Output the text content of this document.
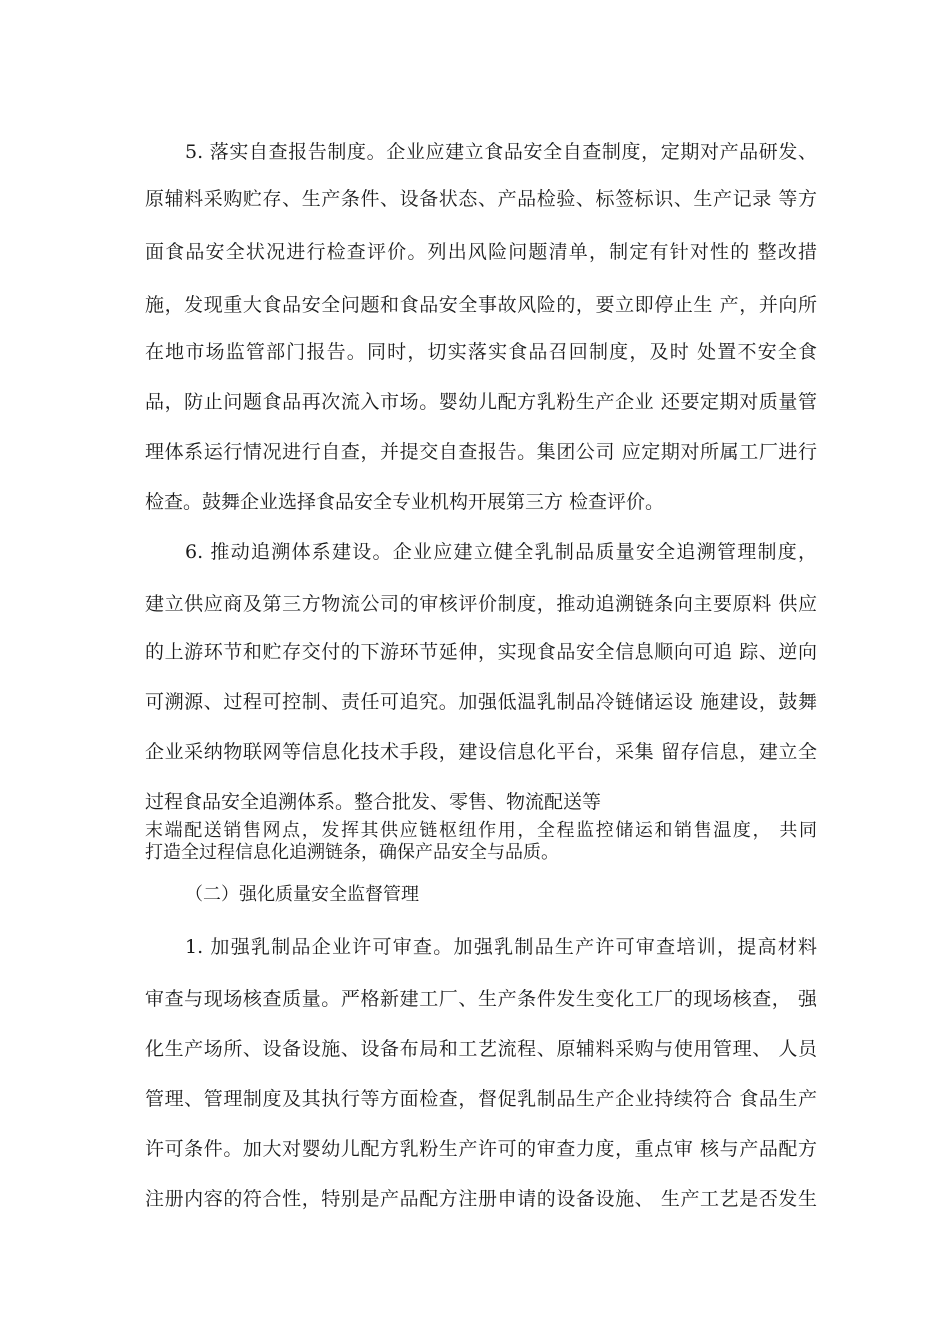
5. 落实自查报告制度。企业应建立食品安全自查制度，定期对产品研发、
原辅料采购贮存、生产条件、设备状态、产品检验、标签标识、生产记录 等方
面食品安全状况进行检查评价。列出风险问题清单，制定有针对性的 整改措
施，发现重大食品安全问题和食品安全事故风险的，要立即停止生 产，并向所
在地市场监管部门报告。同时，切实落实食品召回制度，及时 处置不安全食
品，防止问题食品再次流入市场。婴幼儿配方乳粉生产企业 还要定期对质量管
理体系运行情况进行自查，并提交自查报告。集团公司 应定期对所属工厂进行
检查。鼓舞企业选择食品安全专业机构开展第三方 检查评价。
6. 推动追溯体系建设。企业应建立健全乳制品质量安全追溯管理制度，
建立供应商及第三方物流公司的审核评价制度，推动追溯链条向主要原料 供应
的上游环节和贮存交付的下游环节延伸，实现食品安全信息顺向可追 踪、逆向
可溯源、过程可控制、责任可追究。加强低温乳制品冷链储运设 施建设，鼓舞
企业采纳物联网等信息化技术手段，建设信息化平台，采集 留存信息，建立全
过程食品安全追溯体系。整合批发、零售、物流配送等
末端配送销售网点，发挥其供应链枢纽作用，全程监控储运和销售温度， 共同
打造全过程信息化追溯链条，确保产品安全与品质。
（二）强化质量安全监督管理
1. 加强乳制品企业许可审查。加强乳制品生产许可审查培训，提高材料
审查与现场核查质量。严格新建工厂、生产条件发生变化工厂的现场核查， 强
化生产场所、设备设施、设备布局和工艺流程、原辅料采购与使用管理、 人员
管理、管理制度及其执行等方面检查，督促乳制品生产企业持续符合 食品生产
许可条件。加大对婴幼儿配方乳粉生产许可的审查力度，重点审 核与产品配方
注册内容的符合性，特别是产品配方注册申请的设备设施、 生产工艺是否发生
